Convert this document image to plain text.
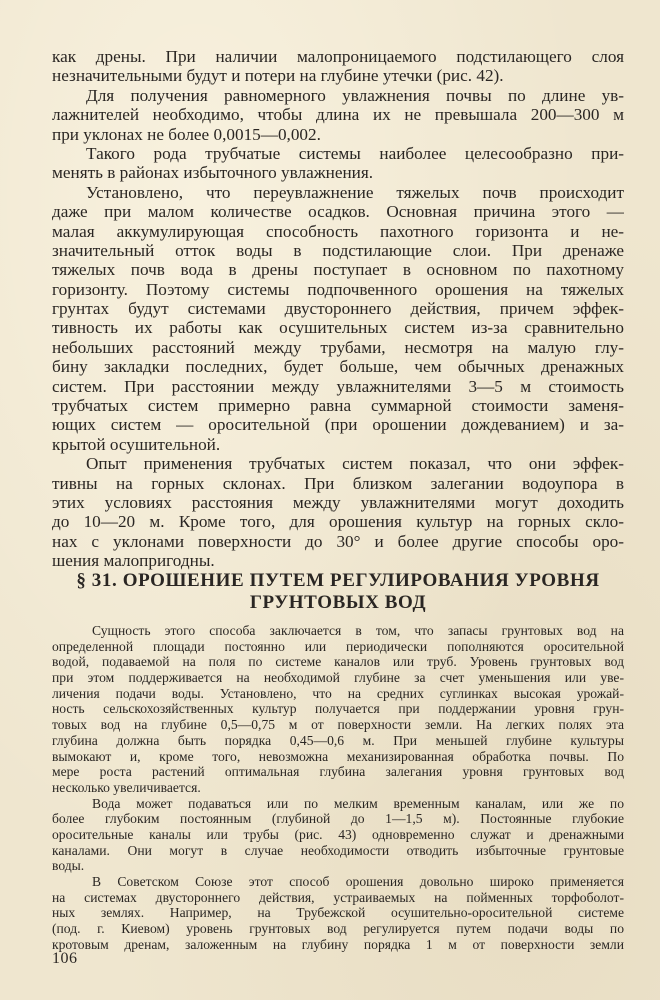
как дрены. При наличии малопроницаемого подстилающего слоя
незначительными будут и потери на глубине утечки (рис. 42).
Для получения равномерного увлажнения почвы по длине ув-
лажнителей необходимо, чтобы длина их не превышала 200—300 м
при уклонах не более 0,0015—0,002.
Такого рода трубчатые системы наиболее целесообразно при-
менять в районах избыточного увлажнения.
Установлено, что переувлажнение тяжелых почв происходит
даже при малом количестве осадков. Основная причина этого —
малая аккумулирующая способность пахотного горизонта и не-
значительный отток воды в подстилающие слои. При дренаже
тяжелых почв вода в дрены поступает в основном по пахотному
горизонту. Поэтому системы подпочвенного орошения на тяжелых
грунтах будут системами двустороннего действия, причем эффек-
тивность их работы как осушительных систем из-за сравнительно
небольших расстояний между трубами, несмотря на малую глу-
бину закладки последних, будет больше, чем обычных дренажных
систем. При расстоянии между увлажнителями 3—5 м стоимость
трубчатых систем примерно равна суммарной стоимости заменя-
ющих систем — оросительной (при орошении дождеванием) и за-
крытой осушительной.
Опыт применения трубчатых систем показал, что они эффек-
тивны на горных склонах. При близком залегании водоупора в
этих условиях расстояния между увлажнителями могут доходить
до 10—20 м. Кроме того, для орошения культур на горных скло-
нах с уклонами поверхности до 30° и более другие способы оро-
шения малопригодны.
§ 31. ОРОШЕНИЕ ПУТЕМ РЕГУЛИРОВАНИЯ УРОВНЯ
ГРУНТОВЫХ ВОД
Сущность этого способа заключается в том, что запасы грунтовых вод на
определенной площади постоянно или периодически пополняются оросительной
водой, подаваемой на поля по системе каналов или труб. Уровень грунтовых вод
при этом поддерживается на необходимой глубине за счет уменьшения или уве-
личения подачи воды. Установлено, что на средних суглинках высокая урожай-
ность сельскохозяйственных культур получается при поддержании уровня грун-
товых вод на глубине 0,5—0,75 м от поверхности земли. На легких полях эта
глубина должна быть порядка 0,45—0,6 м. При меньшей глубине культуры
вымокают и, кроме того, невозможна механизированная обработка почвы. По
мере роста растений оптимальная глубина залегания уровня грунтовых вод
несколько увеличивается.
Вода может подаваться или по мелким временным каналам, или же по
более глубоким постоянным (глубиной до 1—1,5 м). Постоянные глубокие
оросительные каналы или трубы (рис. 43) одновременно служат и дренажными
каналами. Они могут в случае необходимости отводить избыточные грунтовые
воды.
В Советском Союзе этот способ орошения довольно широко применяется
на системах двустороннего действия, устраиваемых на пойменных торфоболот-
ных землях. Например, на Трубежской осушительно-оросительной системе
(под. г. Киевом) уровень грунтовых вод регулируется путем подачи воды по
кротовым дренам, заложенным на глубину порядка 1 м от поверхности земли
106
